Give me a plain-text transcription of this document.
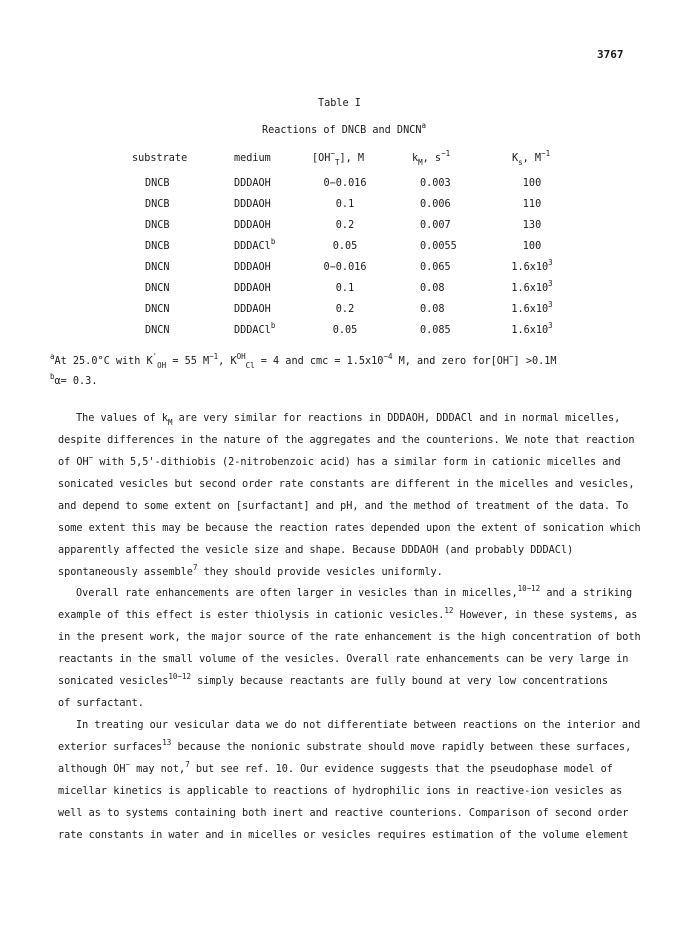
3767
Table I
Reactions of DNCB and DNCN$^a$
substrate	medium	$[OH^-_T]$, M	$k_M$, $s^{-1}$	$K_s$, $M^{-1}$
DNCB	DDDAOH	0−0.016	0.003	100
DNCB	DDDAOH	0.1	0.006	110
DNCB	DDDAOH	0.2	0.007	130
DNCB	DDDACl$^b$	0.05	0.0055	100
DNCN	DDDAOH	0−0.016	0.065	$1.6x10^3$
DNCN	DDDAOH	0.1	0.08	$1.6x10^3$
DNCN	DDDAOH	0.2	0.08	$1.6x10^3$
DNCN	DDDACl$^b$	0.05	0.085	$1.6x10^3$
$^a$At 25.0°C with $K'_{OH} = 55$ $M^{-1}$, $K^{OH}_{Cl} = 4$ and cmc = $1.5x10^{-4}$ M, and zero for[OH−] >0.1M
$^b$α= 0.3.
The values of $k_M$ are very similar for reactions in DDDAOH, DDDACl and in normal micelles,
despite differences in the nature of the aggregates and the counterions. We note that reaction
of OH− with 5,5'-dithiobis (2-nitrobenzoic acid) has a similar form in cationic micelles and
sonicated vesicles but second order rate constants are different in the micelles and vesicles,
and depend to some extent on [surfactant] and pH, and the method of treatment of the data. To
some extent this may be because the reaction rates depended upon the extent of sonication which
apparently affected the vesicle size and shape. Because DDDAOH (and probably DDDACl)
spontaneously assemble$^7$ they should provide vesicles uniformly.
Overall rate enhancements are often larger in vesicles than in micelles,$^{10-12}$ and a striking
example of this effect is ester thiolysis in cationic vesicles.$^{12}$ However, in these systems, as
in the present work, the major source of the rate enhancement is the high concentration of both
reactants in the small volume of the vesicles. Overall rate enhancements can be very large in
sonicated vesicles$^{10-12}$ simply because reactants are fully bound at very low concentrations
of surfactant.
In treating our vesicular data we do not differentiate between reactions on the interior and
exterior surfaces$^{13}$ because the nonionic substrate should move rapidly between these surfaces,
although OH− may not,$^7$ but see ref. 10. Our evidence suggests that the pseudophase model of
micellar kinetics is applicable to reactions of hydrophilic ions in reactive-ion vesicles as
well as to systems containing both inert and reactive counterions. Comparison of second order
rate constants in water and in micelles or vesicles requires estimation of the volume element
